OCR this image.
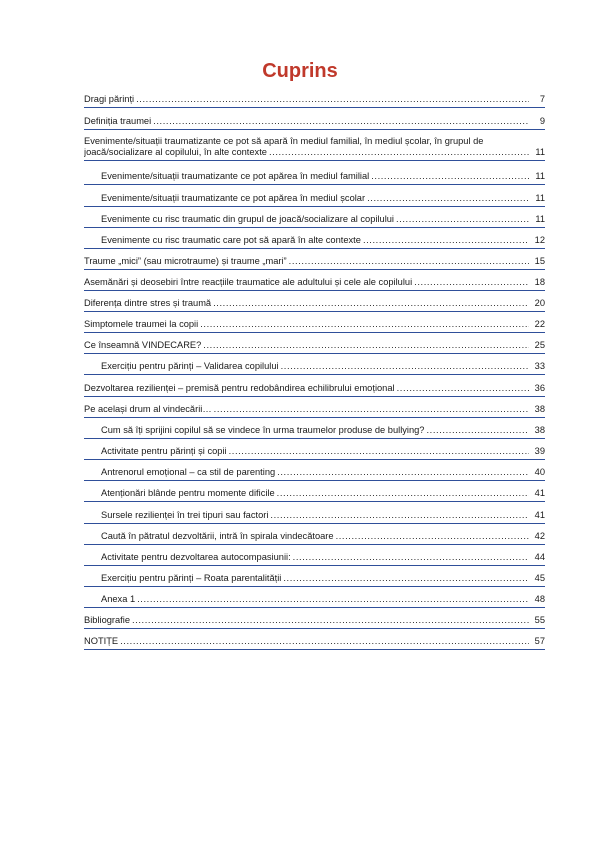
Cuprins
Dragi părinți .....	7
Definiția traumei .....	9
Evenimente/situații traumatizante ce pot să apară în mediul familial, în mediul școlar, în grupul de
joacă/socializare al copilului, în alte contexte .....	11
Evenimente/situații traumatizante ce pot apărea în mediul familial .....	11
Evenimente/situații traumatizante ce pot apărea în mediul școlar .....	11
Evenimente cu risc traumatic din grupul de joacă/socializare al copilului .....	11
Evenimente cu risc traumatic care pot să apară în alte contexte .....	12
Traume „mici” (sau microtraume) și traume „mari” .....	15
Asemănări și deosebiri între reacțiile traumatice ale adultului și cele ale copilului .....	18
Diferența dintre stres și traumă .....	20
Simptomele traumei la copii .....	22
Ce înseamnă VINDECARE? .....	25
Exercițiu pentru părinți – Validarea copilului .....	33
Dezvoltarea rezilienței – premisă pentru redobândirea echilibrului emoțional .....	36
Pe același drum al vindecării… .....	38
Cum să îți sprijini copilul să se vindece în urma traumelor produse de bullying? .....	38
Activitate pentru părinți și copii .....	39
Antrenorul emoțional – ca stil de parenting .....	40
Atenționări blânde pentru momente dificile .....	41
Sursele rezilienței în trei tipuri sau factori .....	41
Caută în pătratul dezvoltării, intră în spirala vindecătoare .....	42
Activitate pentru dezvoltarea autocompasiunii: .....	44
Exercițiu pentru părinți – Roata parentalității .....	45
Anexa 1 .....	48
Bibliografie .....	55
NOTIȚE .....	57
